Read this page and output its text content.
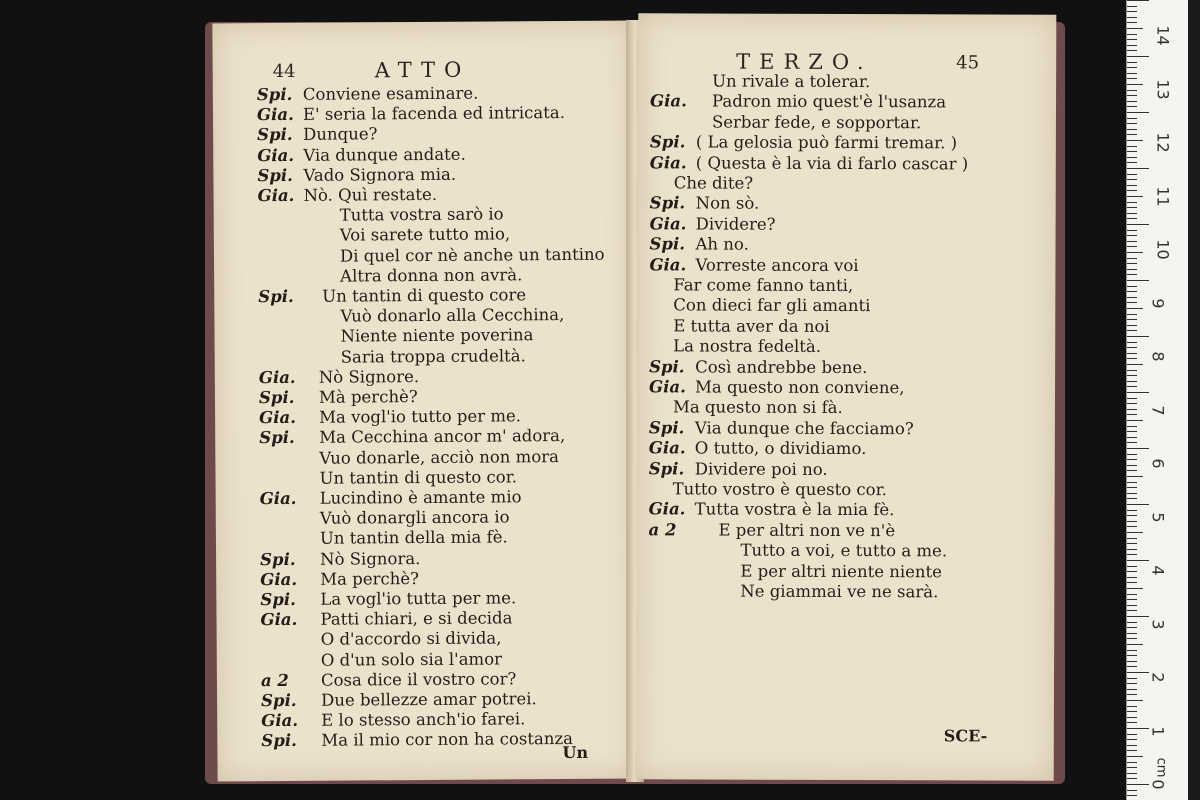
44	ATTO
Spi. Conviene esaminare.
Gia. E' seria la facenda ed intricata.
Spi. Dunque?
Gia. Via dunque andate.
Spi. Vado Signora mia.
Gia. Nò. Quì restate.
Tutta vostra sarò io
Voi sarete tutto mio,
Di quel cor nè anche un tantino
Altra donna non avrà.
Spi. Un tantin di questo core
Vuò donarlo alla Cecchina,
Niente niente poverina
Saria troppa crudeltà.
Gia. Nò Signore.
Spi. Mà perchè?
Gia. Ma vogl'io tutto per me.
Spi. Ma Cecchina ancor m' adora,
Vuo donarle, acciò non mora
Un tantin di questo cor.
Gia. Lucindino è amante mio
Vuò donargli ancora io
Un tantin della mia fè.
Spi. Nò Signora.
Gia. Ma perchè?
Spi. La vogl'io tutta per me.
Gia. Patti chiari, e si decida
O d'accordo si divida,
O d'un solo sia l'amor
a 2 Cosa dice il vostro cor?
Spi. Due bellezze amar potrei.
Gia. E lo stesso anch'io farei.
Spi. Ma il mio cor non ha costanza
Un
TERZO.	45
Un rivale a tolerar.
Gia. Padron mio quest'è l'usanza
Serbar fede, e sopportar.
Spi. ( La gelosia può farmi tremar. )
Gia. ( Questa è la via di farlo cascar )
Che dite?
Spi. Non sò.
Gia. Dividere?
Spi. Ah no.
Gia. Vorreste ancora voi
Far come fanno tanti,
Con dieci far gli amanti
E tutta aver da noi
La nostra fedeltà.
Spi. Così andrebbe bene.
Gia. Ma questo non conviene,
Ma questo non si fà.
Spi. Via dunque che facciamo?
Gia. O tutto, o dividiamo.
Spi. Dividere poi no.
Tutto vostro è questo cor.
Gia. Tutta vostra è la mia fè.
a 2	E per altri non ve n'è
Tutto a voi, e tutto a me.
E per altri niente niente
Ne giammai ve ne sarà.
SCE-
cm
14
13
12
11
10
9
8
7
6
5
4
3
2
1
0
